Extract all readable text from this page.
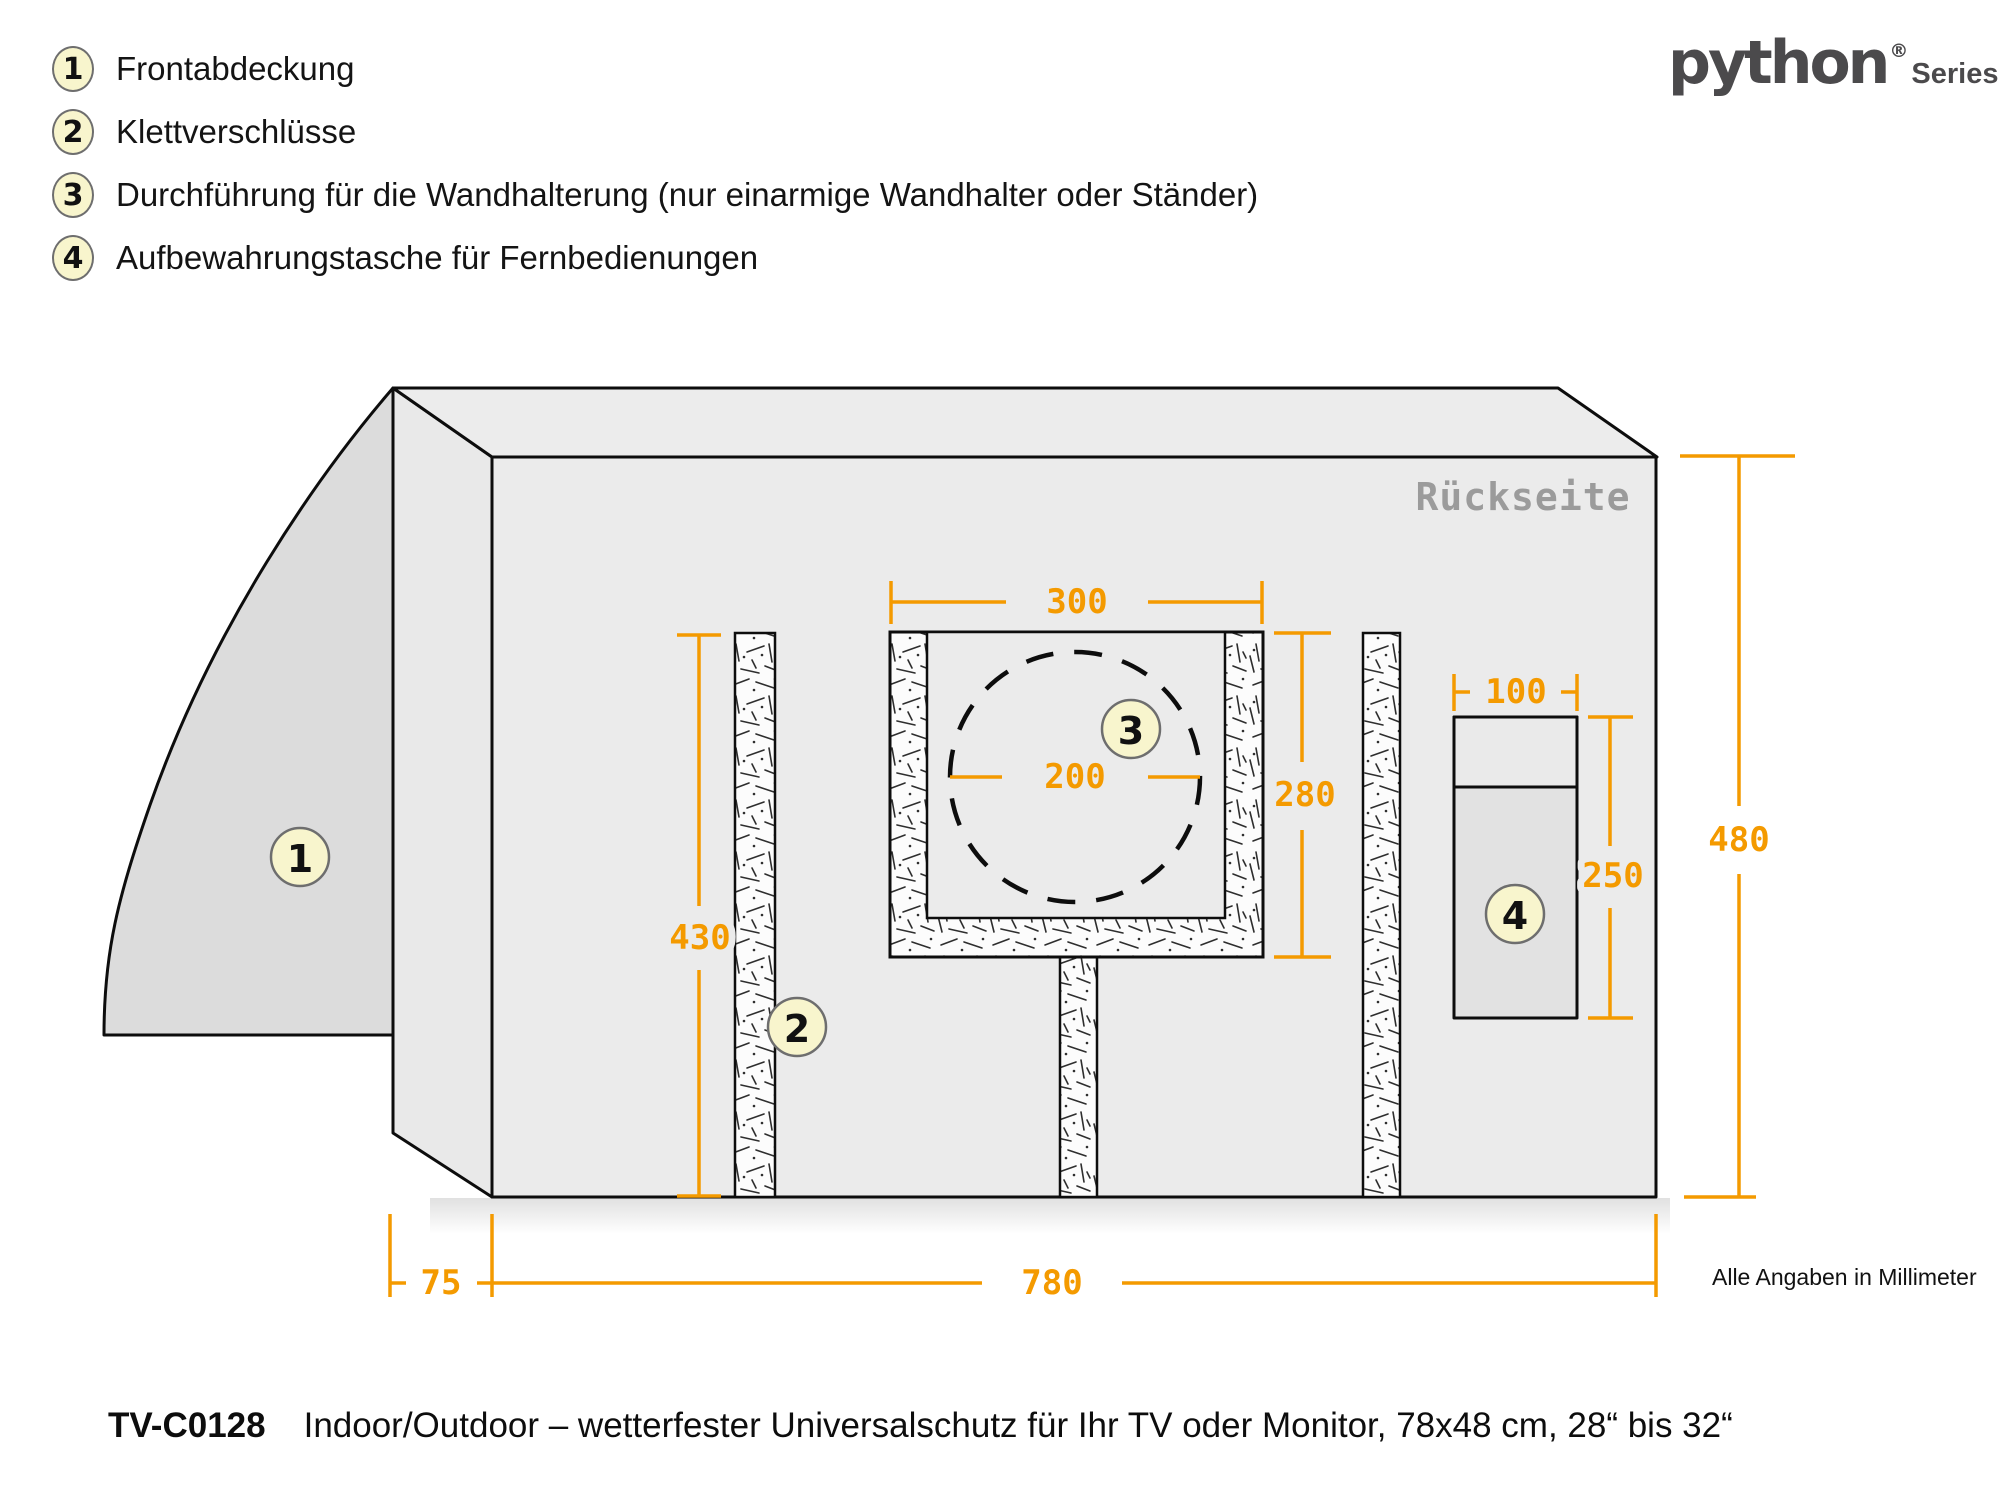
1 Frontabdeckung
2 Klettverschlüsse
3 Durchführung für die Wandhalterung (nur einarmige Wandhalter oder Ständer)
4 Aufbewahrungstasche für Fernbedienungen
python ®
Series
Rückseite
300
200	280
430
100
250
480
75	780
1
2
3
4
Alle Angaben in Millimeter
TV-C0128 Indoor/Outdoor – wetterfester Universalschutz für Ihr TV oder Monitor, 78x48 cm, 28“ bis 32“
